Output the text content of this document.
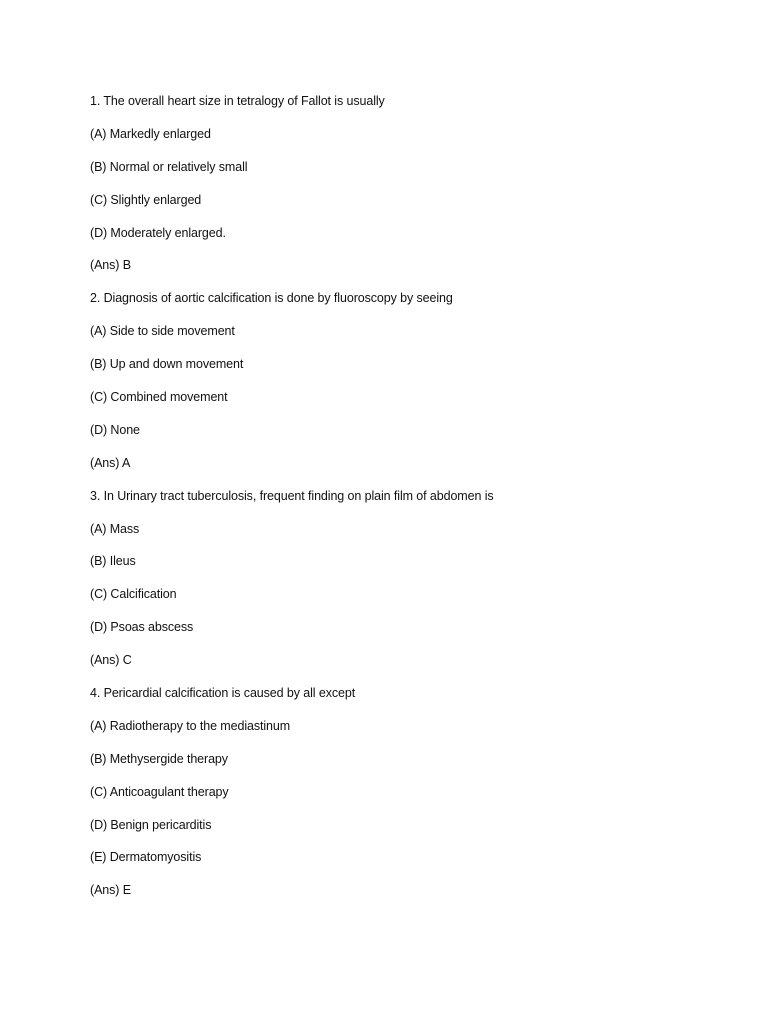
1. The overall heart size in tetralogy of Fallot is usually
(A) Markedly enlarged
(B) Normal or relatively small
(C) Slightly enlarged
(D) Moderately enlarged.
(Ans) B
2. Diagnosis of aortic calcification is done by fluoroscopy by seeing
(A) Side to side movement
(B) Up and down movement
(C) Combined movement
(D) None
(Ans) A
3. In Urinary tract tuberculosis, frequent finding on plain film of abdomen is
(A) Mass
(B) Ileus
(C) Calcification
(D) Psoas abscess
(Ans) C
4. Pericardial calcification is caused by all except
(A) Radiotherapy to the mediastinum
(B) Methysergide therapy
(C) Anticoagulant therapy
(D) Benign pericarditis
(E) Dermatomyositis
(Ans) E
